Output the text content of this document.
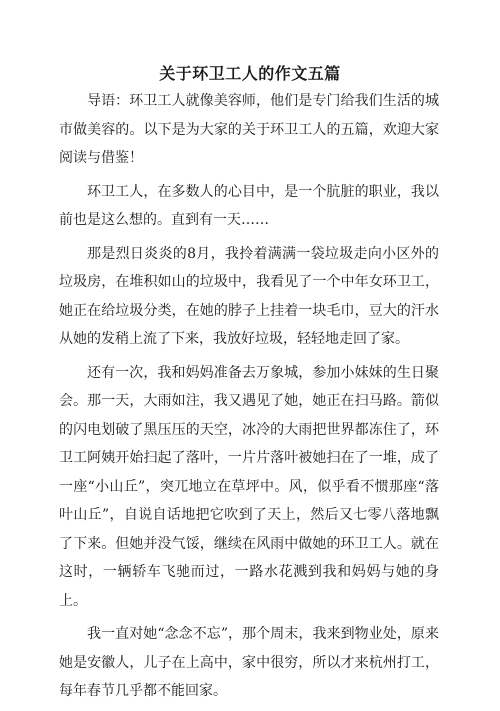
关于环卫工人的作文五篇

导语：环卫工人就像美容师，他们是专门给我们生活的城市做美容的。以下是为大家的关于环卫工人的五篇，欢迎大家阅读与借鉴！

环卫工人，在多数人的心目中，是一个肮脏的职业，我以前也是这么想的。直到有一天……

那是烈日炎炎的8月，我拎着满满一袋垃圾走向小区外的垃圾房，在堆积如山的垃圾中，我看见了一个中年女环卫工，她正在给垃圾分类，在她的脖子上挂着一块毛巾，豆大的汗水从她的发稍上流了下来，我放好垃圾，轻轻地走回了家。

还有一次，我和妈妈准备去万象城，参加小妹妹的生日聚会。那一天，大雨如注，我又遇见了她，她正在扫马路。箭似的闪电划破了黑压压的天空，冰冷的大雨把世界都冻住了，环卫工阿姨开始扫起了落叶，一片片落叶被她扫在了一堆，成了一座“小山丘”，突兀地立在草坪中。风，似乎看不惯那座“落叶山丘”，自说自话地把它吹到了天上，然后又七零八落地飘了下来。但她并没气馁，继续在风雨中做她的环卫工人。就在这时，一辆轿车飞驰而过，一路水花溅到我和妈妈与她的身上。

我一直对她“念念不忘”，那个周末，我来到物业处，原来她是安徽人，儿子在上高中，家中很穷，所以才来杭州打工，每年春节几乎都不能回家。
